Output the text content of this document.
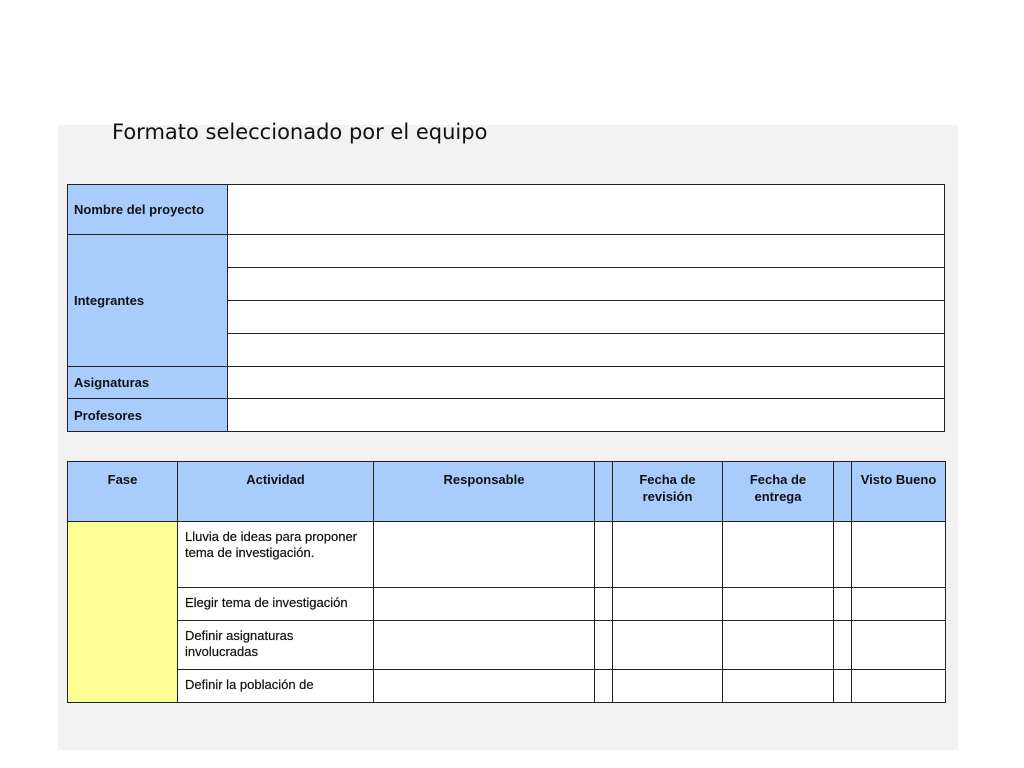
Formato seleccionado por el equipo
Nombre del proyecto	
Integrantes	

Asignaturas	
Profesores	
Fase	Actividad	Responsable		Fecha de revisión	Fecha de entrega		Visto Bueno
	Lluvia de ideas para proponer tema de investigación.						
	Elegir tema de investigación						
	Definir asignaturas involucradas						
	Definir la población de						
